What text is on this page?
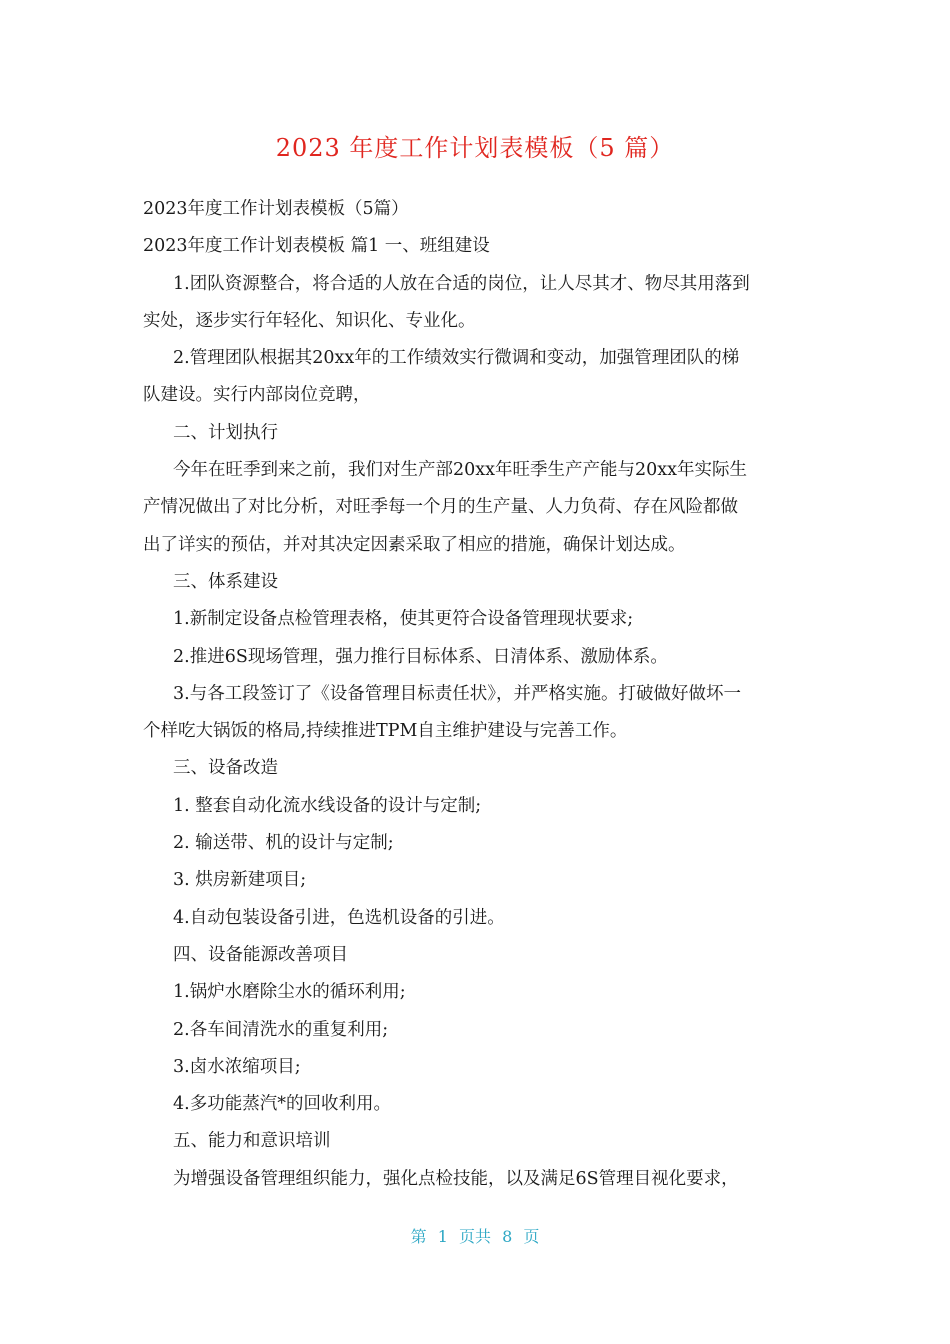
2023 年度工作计划表模板（5 篇）
2023年度工作计划表模板（5篇）
2023年度工作计划表模板 篇1 一、班组建设
1.团队资源整合，将合适的人放在合适的岗位，让人尽其才、物尽其用落到
实处，逐步实行年轻化、知识化、专业化。
2.管理团队根据其20xx年的工作绩效实行微调和变动，加强管理团队的梯
队建设。实行内部岗位竞聘，
二、计划执行
今年在旺季到来之前，我们对生产部20xx年旺季生产产能与20xx年实际生
产情况做出了对比分析，对旺季每一个月的生产量、人力负荷、存在风险都做
出了详实的预估，并对其决定因素采取了相应的措施，确保计划达成。
三、体系建设
1.新制定设备点检管理表格，使其更符合设备管理现状要求;
2.推进6S现场管理，强力推行目标体系、日清体系、激励体系。
3.与各工段签订了《设备管理目标责任状》，并严格实施。打破做好做坏一
个样吃大锅饭的格局,持续推进TPM自主维护建设与完善工作。
三、设备改造
1. 整套自动化流水线设备的设计与定制;
2. 输送带、机的设计与定制;
3. 烘房新建项目;
4.自动包装设备引进，色选机设备的引进。
四、设备能源改善项目
1.锅炉水磨除尘水的循环利用;
2.各车间清洗水的重复利用;
3.卤水浓缩项目;
4.多功能蒸汽*的回收利用。
五、能力和意识培训
为增强设备管理组织能力，强化点检技能，以及满足6S管理目视化要求，
第 1 页共 8 页
